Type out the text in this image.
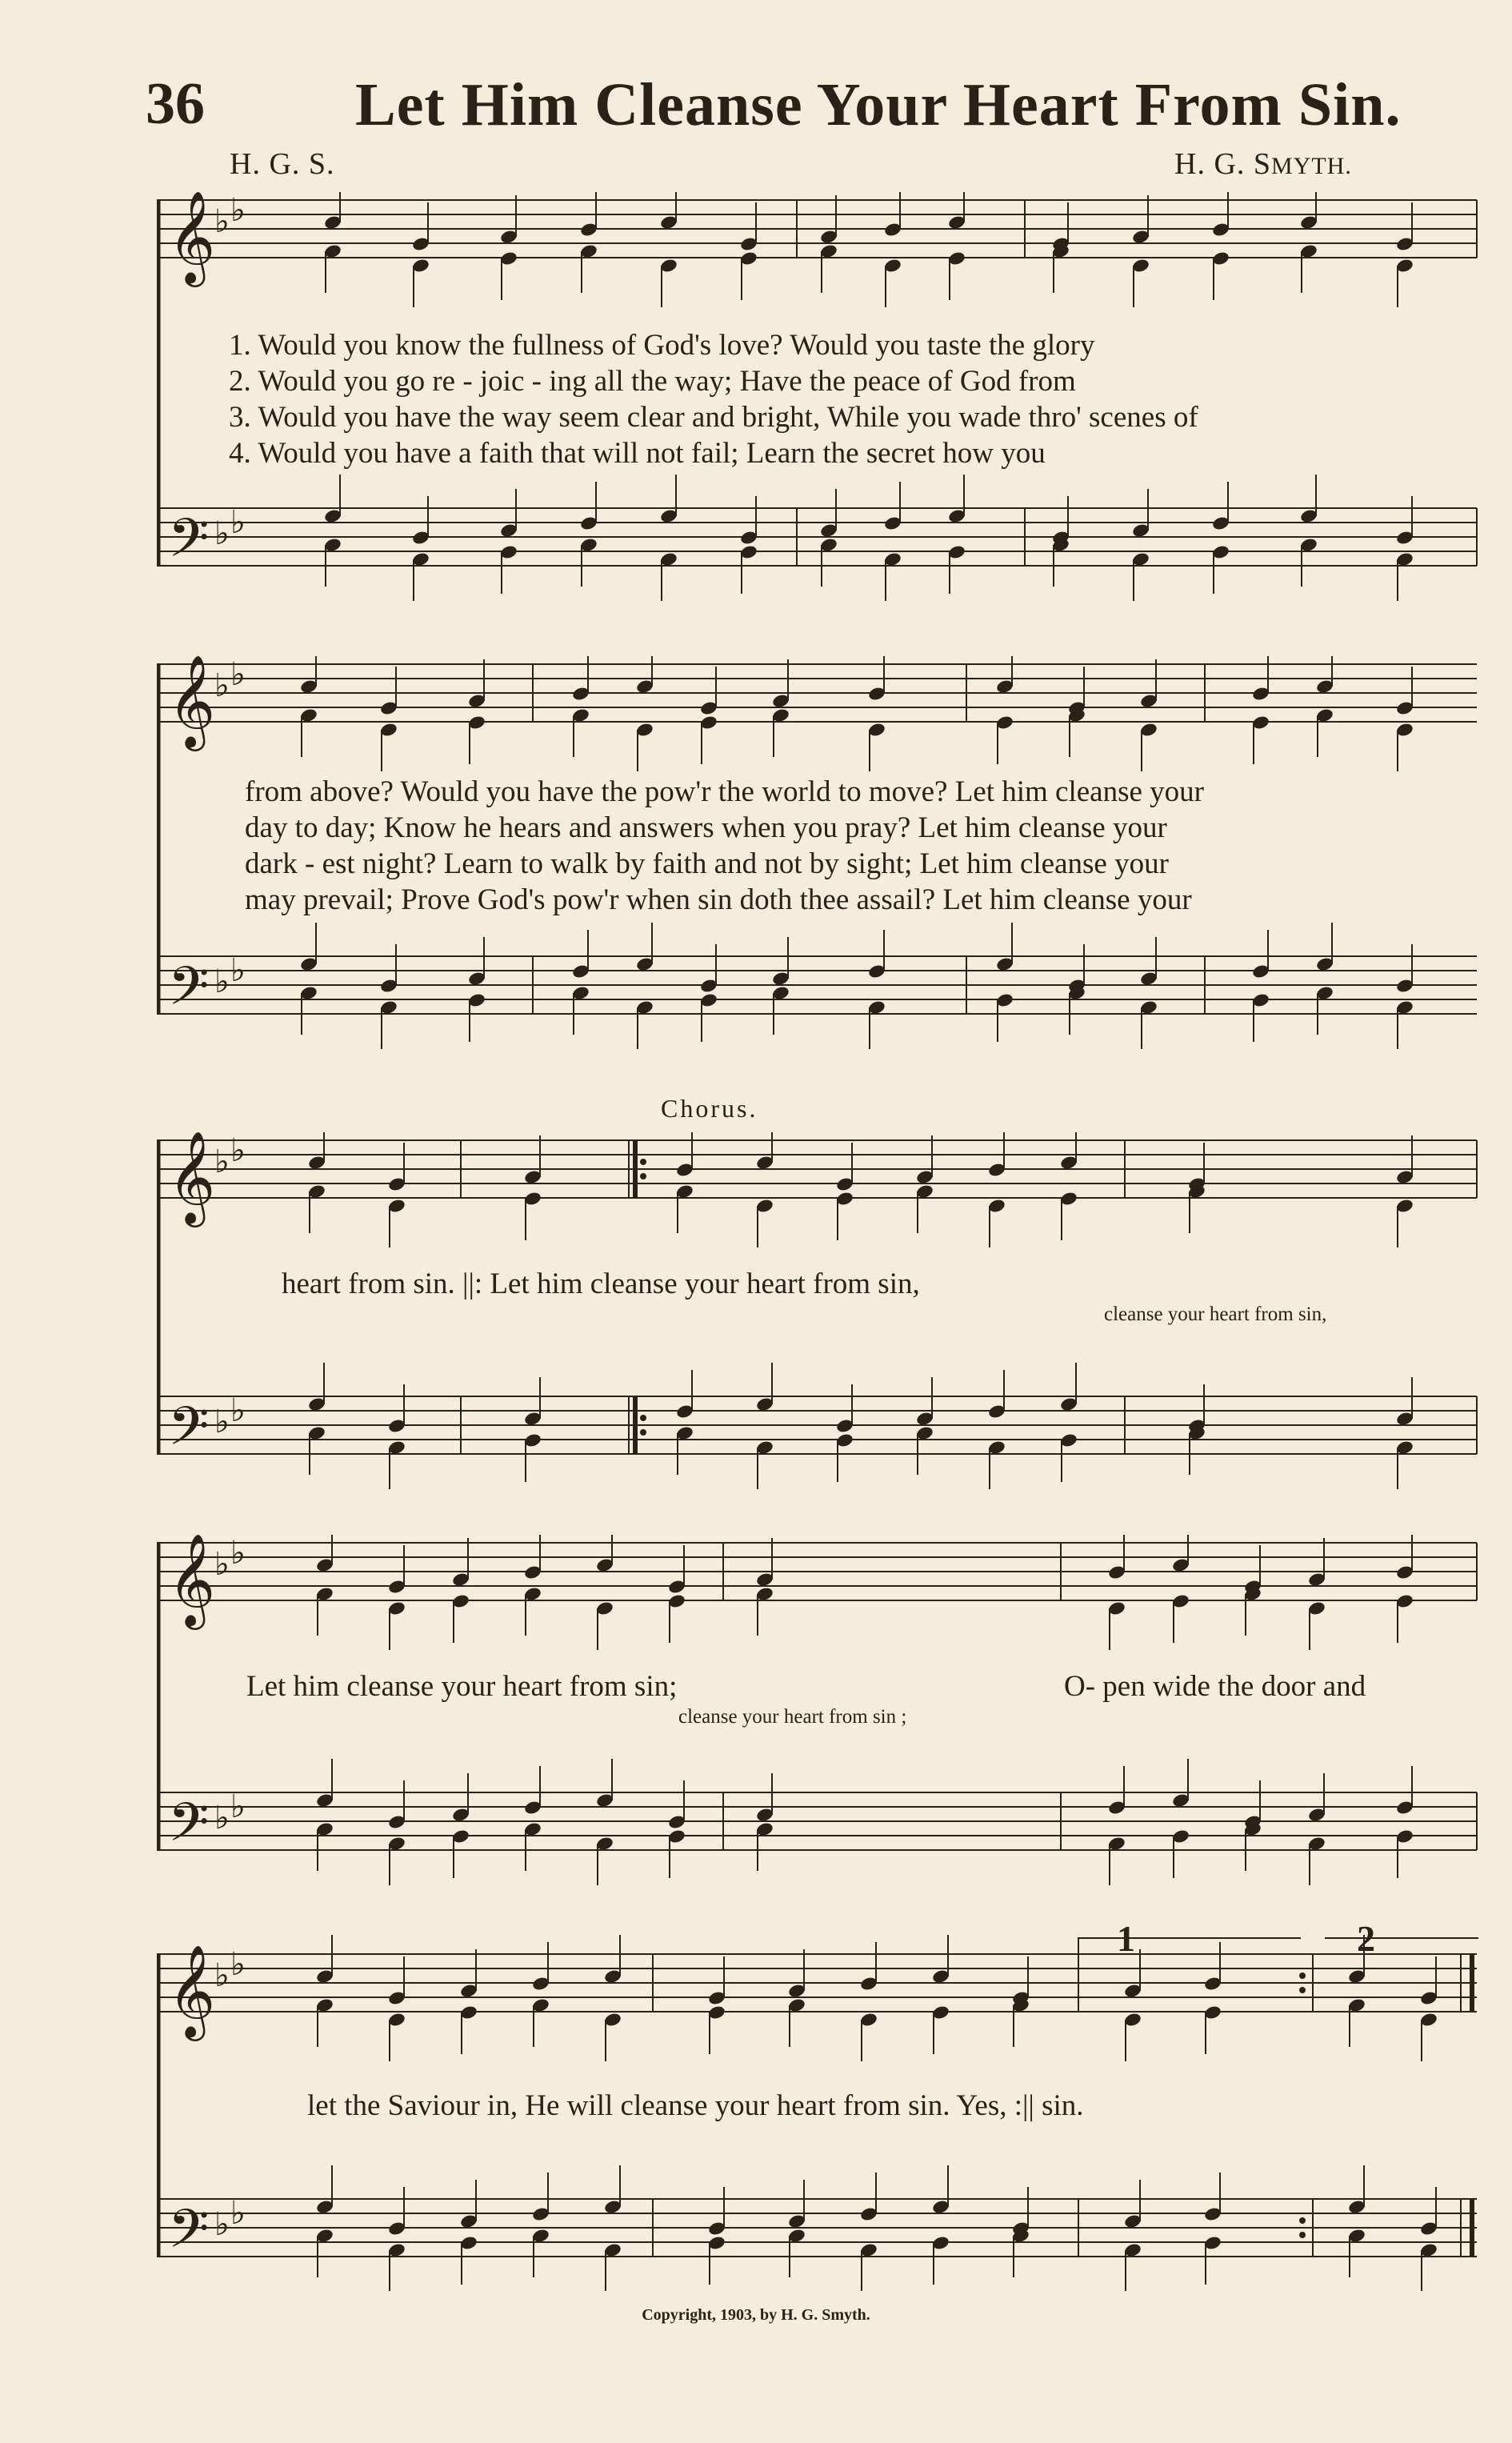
36 Let Him Cleanse Your Heart From Sin.
H. G. S.	H. G. SMYTH.
𝄞
𝄢
♭ ♭
♭ ♭
1. Would you know the fullness of God's love? Would you taste the glory
2. Would you go re - joic - ing all the way; Have the peace of God from
3. Would you have the way seem clear and bright, While you wade thro' scenes of
4. Would you have a faith that will not fail; Learn the secret how you
𝄞
𝄢
♭ ♭
♭ ♭
from above? Would you have the pow'r the world to move? Let him cleanse your
day to day; Know he hears and answers when you pray? Let him cleanse your
dark - est night? Learn to walk by faith and not by sight; Let him cleanse your
may prevail; Prove God's pow'r when sin doth thee assail? Let him cleanse your
Chorus.
𝄞
𝄢
♭ ♭
♭ ♭
heart from sin. ||: Let him cleanse your heart from sin,
cleanse your heart from sin,
𝄞
𝄢
♭ ♭
♭ ♭
Let him cleanse your heart from sin;	O- pen wide the door and
cleanse your heart from sin ;
𝄞
𝄢
♭ ♭
♭ ♭
1	2
let the Saviour in, He will cleanse your heart from sin. Yes, :|| sin.
Copyright, 1903, by H. G. Smyth.
